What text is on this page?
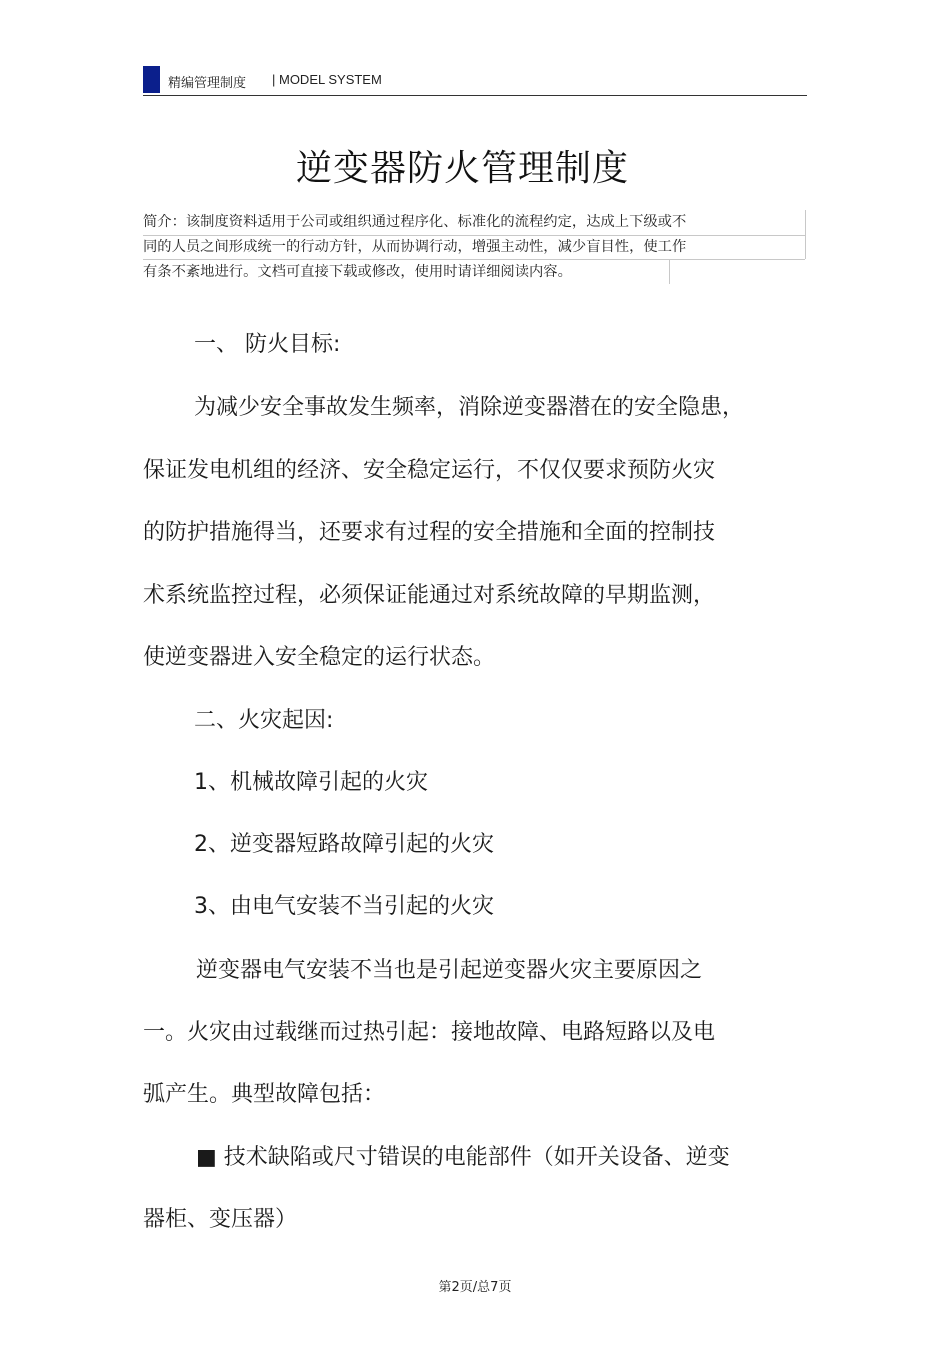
精编管理制度 | MODEL SYSTEM
逆变器防火管理制度
简介：该制度资料适用于公司或组织通过程序化、标准化的流程约定，达成上下级或不
同的人员之间形成统一的行动方针，从而协调行动，增强主动性，减少盲目性，使工作
有条不紊地进行。文档可直接下载或修改，使用时请详细阅读内容。
一、 防火目标:
为减少安全事故发生频率，消除逆变器潜在的安全隐患，
保证发电机组的经济、安全稳定运行，不仅仅要求预防火灾
的防护措施得当，还要求有过程的安全措施和全面的控制技
术系统监控过程，必须保证能通过对系统故障的早期监测，
使逆变器进入安全稳定的运行状态。
二、火灾起因:
1、机械故障引起的火灾
2、逆变器短路故障引起的火灾
3、由电气安装不当引起的火灾
逆变器电气安装不当也是引起逆变器火灾主要原因之
一。火灾由过载继而过热引起：接地故障、电路短路以及电
弧产生。典型故障包括：
■ 技术缺陷或尺寸错误的电能部件（如开关设备、逆变
器柜、变压器）
第2页/总7页
